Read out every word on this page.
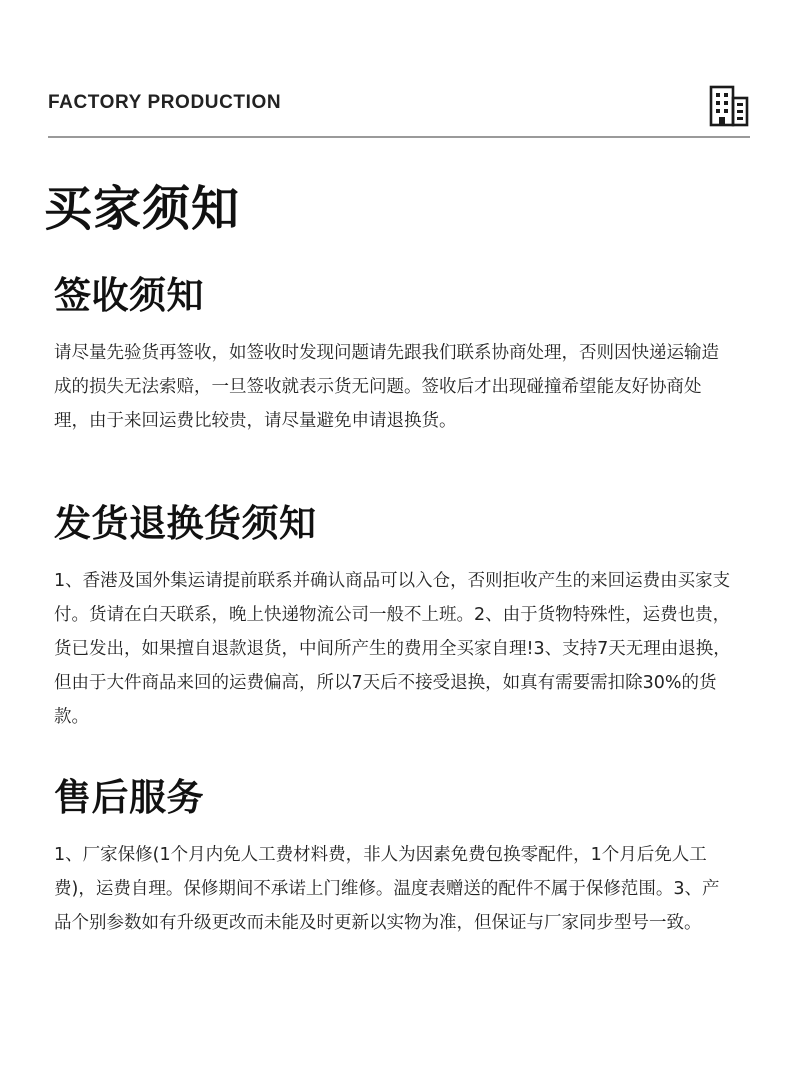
FACTORY PRODUCTION
买家须知
签收须知

请尽量先验货再签收，如签收时发现问题请先跟我们联系协商处理，否则因快递运输造成的损失无法索赔，一旦签收就表示货无问题。签收后才出现碰撞希望能友好协商处理，由于来回运费比较贵，请尽量避免申请退换货。

发货退换货须知

1、香港及国外集运请提前联系并确认商品可以入仓，否则拒收产生的来回运费由买家支付。货请在白天联系，晚上快递物流公司一般不上班。2、由于货物特殊性，运费也贵，货已发出，如果擅自退款退货，中间所产生的费用全买家自理!3、支持7天无理由退换，但由于大件商品来回的运费偏高，所以7天后不接受退换，如真有需要需扣除30%的货款。

售后服务

1、厂家保修(1个月内免人工费材料费，非人为因素免费包换零配件，1个月后免人工费)，运费自理。保修期间不承诺上门维修。温度表赠送的配件不属于保修范围。3、产品个别参数如有升级更改而未能及时更新以实物为准，但保证与厂家同步型号一致。
